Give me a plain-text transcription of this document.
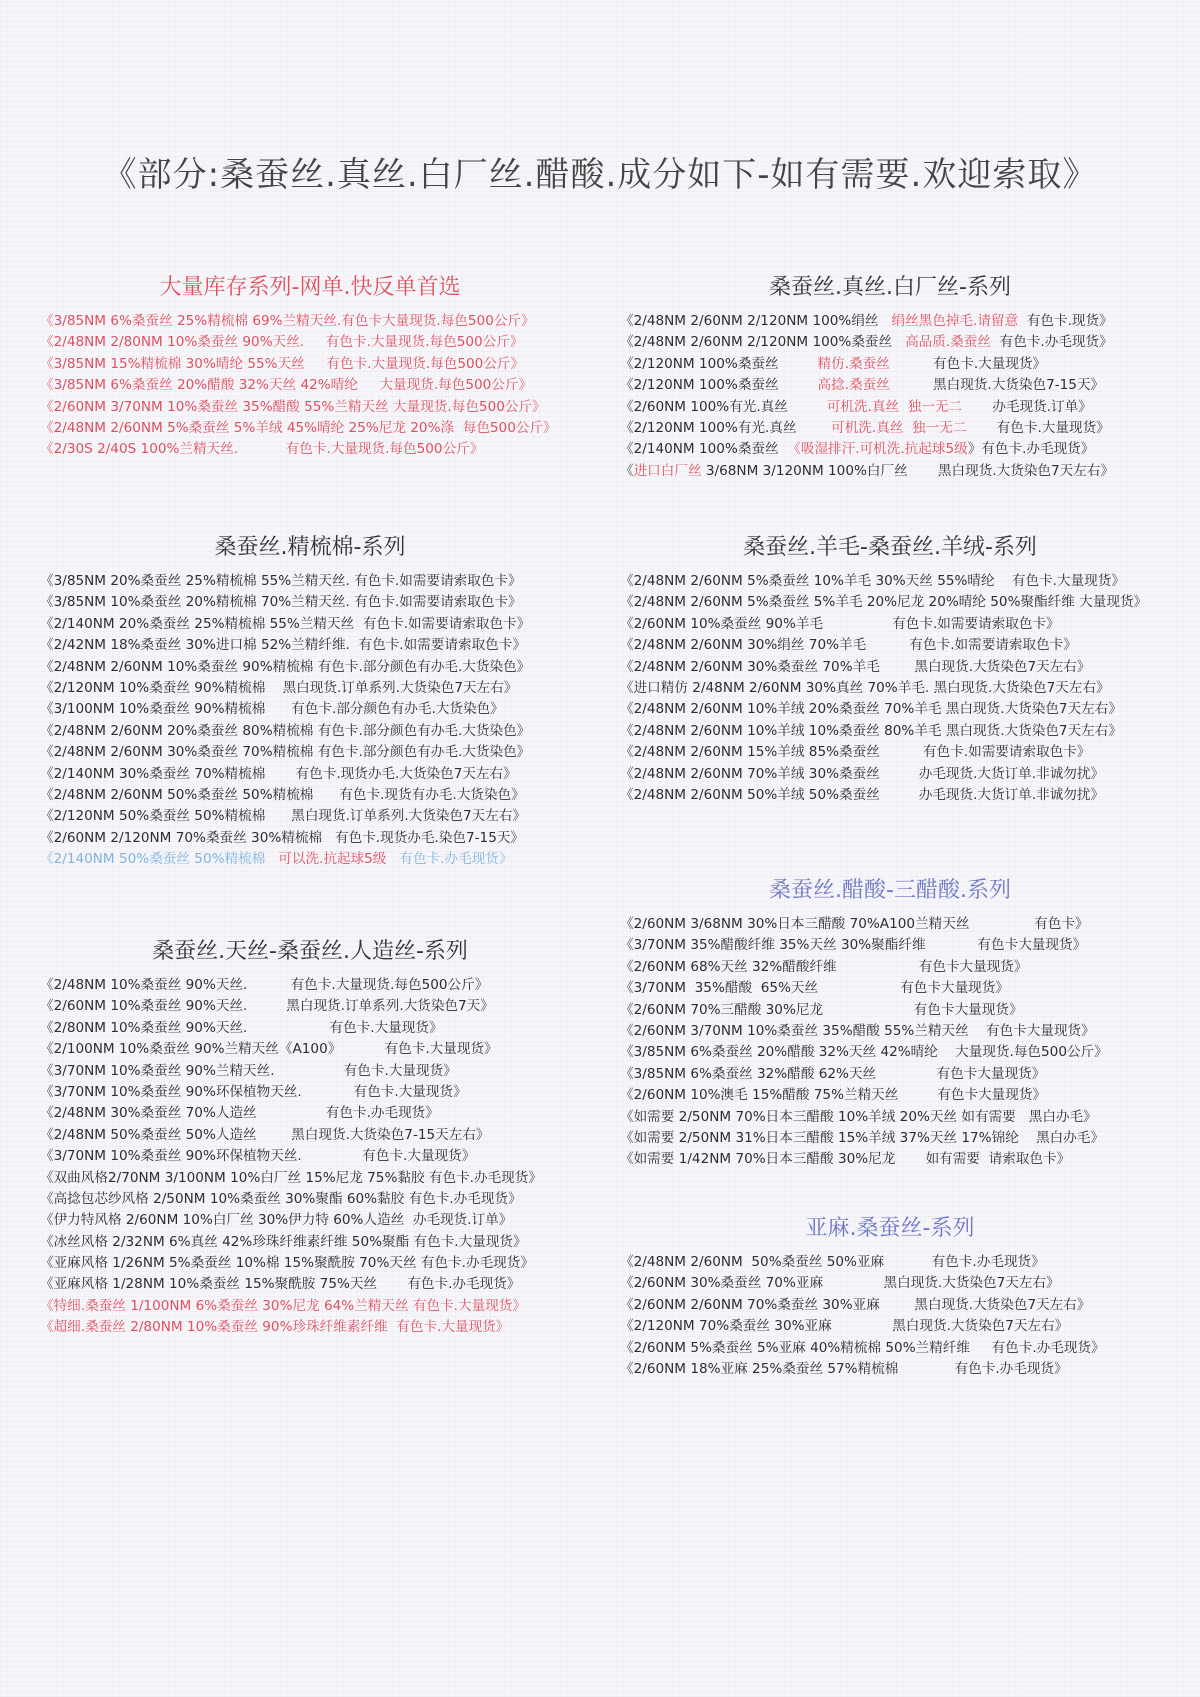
《部分:桑蚕丝.真丝.白厂丝.醋酸.成分如下-如有需要.欢迎索取》
大量库存系列-网单.快反单首选
《3/85NM 6%桑蚕丝 25%精梳棉 69%兰精天丝.有色卡大量现货.每色500公斤》
《2/48NM 2/80NM 10%桑蚕丝 90%天丝.     有色卡.大量现货.每色500公斤》
《3/85NM 15%精梳棉 30%晴纶 55%天丝     有色卡.大量现货.每色500公斤》
《3/85NM 6%桑蚕丝 20%醋酸 32%天丝 42%晴纶     大量现货.每色500公斤》
《2/60NM 3/70NM 10%桑蚕丝 35%醋酸 55%兰精天丝 大量现货.每色500公斤》
《2/48NM 2/60NM 5%桑蚕丝 5%羊绒 45%晴纶 25%尼龙 20%涤  每色500公斤》
《2/30S 2/40S 100%兰精天丝.           有色卡.大量现货.每色500公斤》
桑蚕丝.真丝.白厂丝-系列
《2/48NM 2/60NM 2/120NM 100%绢丝   绢丝黑色掉毛.请留意  有色卡.现货》
《2/48NM 2/60NM 2/120NM 100%桑蚕丝   高品质.桑蚕丝  有色卡.办毛现货》
《2/120NM 100%桑蚕丝         精仿.桑蚕丝          有色卡.大量现货》
《2/120NM 100%桑蚕丝         高捻.桑蚕丝          黑白现货.大货染色7-15天》
《2/60NM 100%有光.真丝         可机洗.真丝  独一无二       办毛现货.订单》
《2/120NM 100%有光.真丝        可机洗.真丝  独一无二       有色卡.大量现货》
《2/140NM 100%桑蚕丝  《吸湿排汗.可机洗.抗起球5级》有色卡.办毛现货》
《进口白厂丝 3/68NM 3/120NM 100%白厂丝       黑白现货.大货染色7天左右》
桑蚕丝.精梳棉-系列
《3/85NM 20%桑蚕丝 25%精梳棉 55%兰精天丝. 有色卡.如需要请索取色卡》
《3/85NM 10%桑蚕丝 20%精梳棉 70%兰精天丝. 有色卡.如需要请索取色卡》
《2/140NM 20%桑蚕丝 25%精梳棉 55%兰精天丝  有色卡.如需要请索取色卡》
《2/42NM 18%桑蚕丝 30%进口棉 52%兰精纤维.  有色卡.如需要请索取色卡》
《2/48NM 2/60NM 10%桑蚕丝 90%精梳棉 有色卡.部分颜色有办毛.大货染色》
《2/120NM 10%桑蚕丝 90%精梳棉    黑白现货.订单系列.大货染色7天左右》
《3/100NM 10%桑蚕丝 90%精梳棉      有色卡.部分颜色有办毛.大货染色》
《2/48NM 2/60NM 20%桑蚕丝 80%精梳棉 有色卡.部分颜色有办毛.大货染色》
《2/48NM 2/60NM 30%桑蚕丝 70%精梳棉 有色卡.部分颜色有办毛.大货染色》
《2/140NM 30%桑蚕丝 70%精梳棉       有色卡.现货办毛.大货染色7天左右》
《2/48NM 2/60NM 50%桑蚕丝 50%精梳棉      有色卡.现货有办毛.大货染色》
《2/120NM 50%桑蚕丝 50%精梳棉      黑白现货.订单系列.大货染色7天左右》
《2/60NM 2/120NM 70%桑蚕丝 30%精梳棉   有色卡.现货办毛.染色7-15天》
《2/140NM 50%桑蚕丝 50%精梳棉   可以洗.抗起球5级   有色卡.办毛现货》
桑蚕丝.羊毛-桑蚕丝.羊绒-系列
《2/48NM 2/60NM 5%桑蚕丝 10%羊毛 30%天丝 55%晴纶    有色卡.大量现货》
《2/48NM 2/60NM 5%桑蚕丝 5%羊毛 20%尼龙 20%晴纶 50%聚酯纤维 大量现货》
《2/60NM 10%桑蚕丝 90%羊毛                有色卡.如需要请索取色卡》
《2/48NM 2/60NM 30%绢丝 70%羊毛          有色卡.如需要请索取色卡》
《2/48NM 2/60NM 30%桑蚕丝 70%羊毛        黑白现货.大货染色7天左右》
《进口精仿 2/48NM 2/60NM 30%真丝 70%羊毛. 黑白现货.大货染色7天左右》
《2/48NM 2/60NM 10%羊绒 20%桑蚕丝 70%羊毛 黑白现货.大货染色7天左右》
《2/48NM 2/60NM 10%羊绒 10%桑蚕丝 80%羊毛 黑白现货.大货染色7天左右》
《2/48NM 2/60NM 15%羊绒 85%桑蚕丝          有色卡.如需要请索取色卡》
《2/48NM 2/60NM 70%羊绒 30%桑蚕丝         办毛现货.大货订单.非诚勿扰》
《2/48NM 2/60NM 50%羊绒 50%桑蚕丝         办毛现货.大货订单.非诚勿扰》
桑蚕丝.醋酸-三醋酸.系列
《2/60NM 3/68NM 30%日本三醋酸 70%A100兰精天丝               有色卡》
《3/70NM 35%醋酸纤维 35%天丝 30%聚酯纤维            有色卡大量现货》
《2/60NM 68%天丝 32%醋酸纤维                   有色卡大量现货》
《3/70NM  35%醋酸  65%天丝                   有色卡大量现货》
《2/60NM 70%三醋酸 30%尼龙                     有色卡大量现货》
《2/60NM 3/70NM 10%桑蚕丝 35%醋酸 55%兰精天丝    有色卡大量现货》
《3/85NM 6%桑蚕丝 20%醋酸 32%天丝 42%晴纶    大量现货.每色500公斤》
《3/85NM 6%桑蚕丝 32%醋酸 62%天丝              有色卡大量现货》
《2/60NM 10%澳毛 15%醋酸 75%兰精天丝         有色卡大量现货》
《如需要 2/50NM 70%日本三醋酸 10%羊绒 20%天丝 如有需要   黑白办毛》
《如需要 2/50NM 31%日本三醋酸 15%羊绒 37%天丝 17%锦纶    黑白办毛》
《如需要 1/42NM 70%日本三醋酸 30%尼龙       如有需要  请索取色卡》
桑蚕丝.天丝-桑蚕丝.人造丝-系列
《2/48NM 10%桑蚕丝 90%天丝.          有色卡.大量现货.每色500公斤》
《2/60NM 10%桑蚕丝 90%天丝.         黑白现货.订单系列.大货染色7天》
《2/80NM 10%桑蚕丝 90%天丝.                   有色卡.大量现货》
《2/100NM 10%桑蚕丝 90%兰精天丝《A100》          有色卡.大量现货》
《3/70NM 10%桑蚕丝 90%兰精天丝.                有色卡.大量现货》
《3/70NM 10%桑蚕丝 90%环保植物天丝.            有色卡.大量现货》
《2/48NM 30%桑蚕丝 70%人造丝                有色卡.办毛现货》
《2/48NM 50%桑蚕丝 50%人造丝        黑白现货.大货染色7-15天左右》
《3/70NM 10%桑蚕丝 90%环保植物天丝.              有色卡.大量现货》
《双曲风格2/70NM 3/100NM 10%白厂丝 15%尼龙 75%黏胶 有色卡.办毛现货》
《高捻包芯纱风格 2/50NM 10%桑蚕丝 30%聚酯 60%黏胶 有色卡.办毛现货》
《伊力特风格 2/60NM 10%白厂丝 30%伊力特 60%人造丝  办毛现货.订单》
《冰丝风格 2/32NM 6%真丝 42%珍珠纤维素纤维 50%聚酯 有色卡.大量现货》
《亚麻风格 1/26NM 5%桑蚕丝 10%棉 15%聚酰胺 70%天丝 有色卡.办毛现货》
《亚麻风格 1/28NM 10%桑蚕丝 15%聚酰胺 75%天丝       有色卡.办毛现货》
《特细.桑蚕丝 1/100NM 6%桑蚕丝 30%尼龙 64%兰精天丝 有色卡.大量现货》
《超细.桑蚕丝 2/80NM 10%桑蚕丝 90%珍珠纤维素纤维  有色卡.大量现货》
亚麻.桑蚕丝-系列
《2/48NM 2/60NM  50%桑蚕丝 50%亚麻           有色卡.办毛现货》
《2/60NM 30%桑蚕丝 70%亚麻              黑白现货.大货染色7天左右》
《2/60NM 2/60NM 70%桑蚕丝 30%亚麻        黑白现货.大货染色7天左右》
《2/120NM 70%桑蚕丝 30%亚麻              黑白现货.大货染色7天左右》
《2/60NM 5%桑蚕丝 5%亚麻 40%精梳棉 50%兰精纤维     有色卡.办毛现货》
《2/60NM 18%亚麻 25%桑蚕丝 57%精梳棉             有色卡.办毛现货》
